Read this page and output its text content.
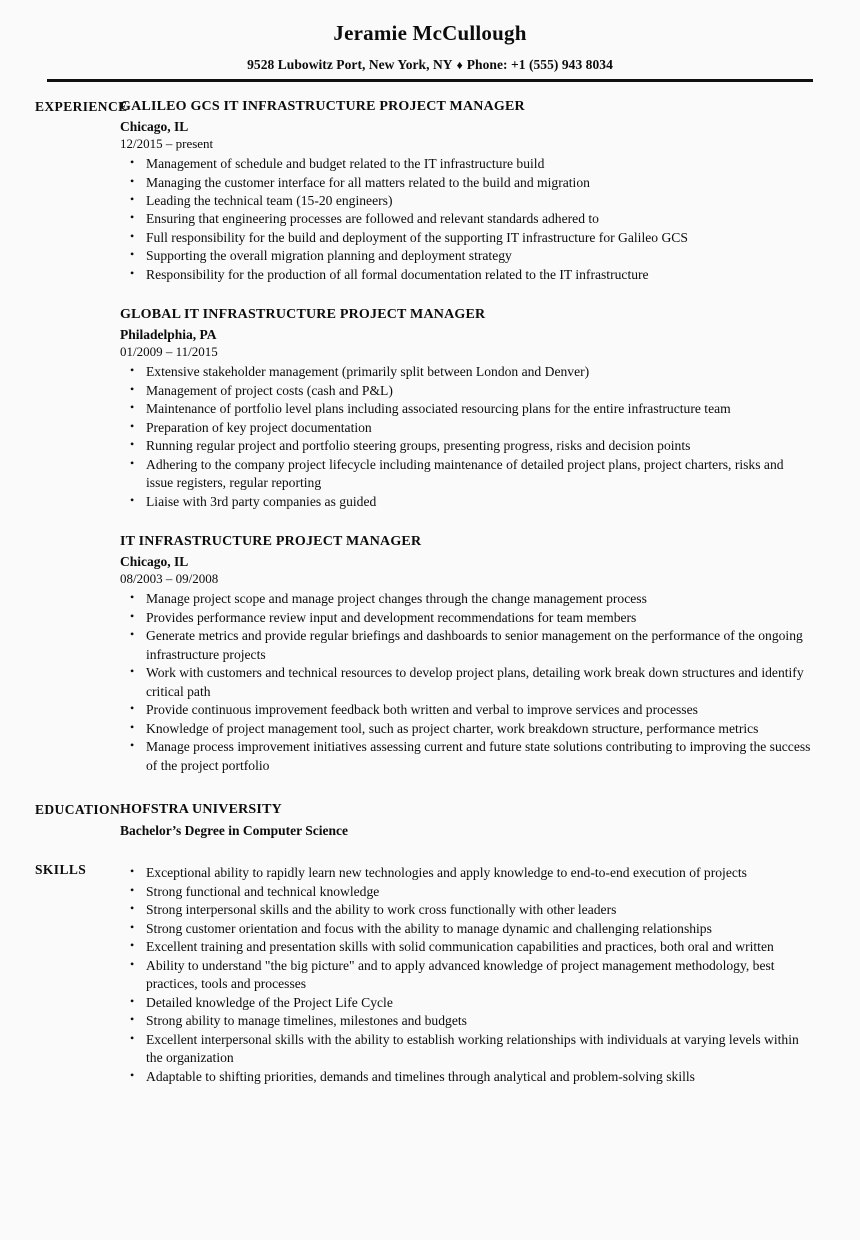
Jeramie McCullough
9528 Lubowitz Port, New York, NY ♦ Phone: +1 (555) 943 8034
EXPERIENCE
GALILEO GCS IT INFRASTRUCTURE PROJECT MANAGER
Chicago, IL
12/2015 – present
• Management of schedule and budget related to the IT infrastructure build
• Managing the customer interface for all matters related to the build and migration
• Leading the technical team (15-20 engineers)
• Ensuring that engineering processes are followed and relevant standards adhered to
• Full responsibility for the build and deployment of the supporting IT infrastructure for Galileo GCS
• Supporting the overall migration planning and deployment strategy
• Responsibility for the production of all formal documentation related to the IT infrastructure
GLOBAL IT INFRASTRUCTURE PROJECT MANAGER
Philadelphia, PA
01/2009 – 11/2015
• Extensive stakeholder management (primarily split between London and Denver)
• Management of project costs (cash and P&L)
• Maintenance of portfolio level plans including associated resourcing plans for the entire infrastructure team
• Preparation of key project documentation
• Running regular project and portfolio steering groups, presenting progress, risks and decision points
• Adhering to the company project lifecycle including maintenance of detailed project plans, project charters, risks and issue registers, regular reporting
• Liaise with 3rd party companies as guided
IT INFRASTRUCTURE PROJECT MANAGER
Chicago, IL
08/2003 – 09/2008
• Manage project scope and manage project changes through the change management process
• Provides performance review input and development recommendations for team members
• Generate metrics and provide regular briefings and dashboards to senior management on the performance of the ongoing infrastructure projects
• Work with customers and technical resources to develop project plans, detailing work break down structures and identify critical path
• Provide continuous improvement feedback both written and verbal to improve services and processes
• Knowledge of project management tool, such as project charter, work breakdown structure, performance metrics
• Manage process improvement initiatives assessing current and future state solutions contributing to improving the success of the project portfolio
EDUCATION HOFSTRA UNIVERSITY
Bachelor’s Degree in Computer Science
SKILLS	• Exceptional ability to rapidly learn new technologies and apply knowledge to end-to-end execution of projects
• Strong functional and technical knowledge
• Strong interpersonal skills and the ability to work cross functionally with other leaders
• Strong customer orientation and focus with the ability to manage dynamic and challenging relationships
• Excellent training and presentation skills with solid communication capabilities and practices, both oral and written
• Ability to understand "the big picture" and to apply advanced knowledge of project management methodology, best practices, tools and processes
• Detailed knowledge of the Project Life Cycle
• Strong ability to manage timelines, milestones and budgets
• Excellent interpersonal skills with the ability to establish working relationships with individuals at varying levels within the organization
• Adaptable to shifting priorities, demands and timelines through analytical and problem-solving skills
